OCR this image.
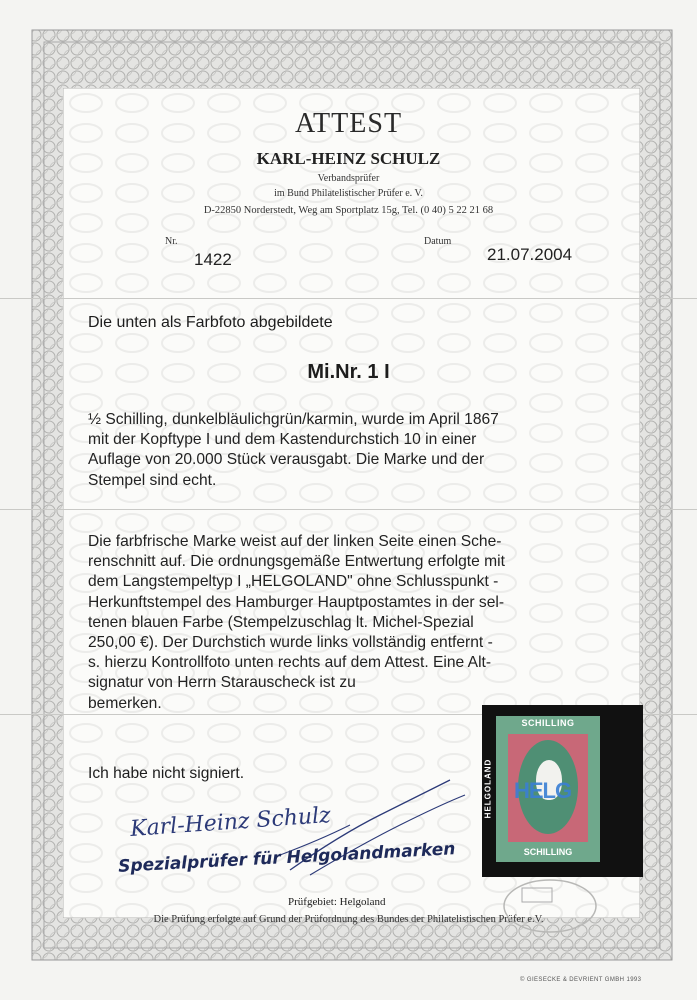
ATTEST
KARL-HEINZ SCHULZ
Verbandsprüfer
im Bund Philatelistischer Prüfer e. V.
D-22850 Norderstedt, Weg am Sportplatz 15g, Tel. (0 40) 5 22 21 68
Nr.
1422
Datum
21.07.2004
Die unten als Farbfoto abgebildete
Mi.Nr. 1 I
½ Schilling, dunkelbläulichgrün/karmin, wurde im April 1867
mit der Kopftype I und dem Kastendurchstich 10 in einer
Auflage von 20.000 Stück verausgabt. Die Marke und der
Stempel sind echt.
Die farbfrische Marke weist auf der linken Seite einen Sche-
renschnitt auf. Die ordnungsgemäße Entwertung erfolgte mit
dem Langstempeltyp I „HELGOLAND" ohne Schlusspunkt -
Herkunftstempel des Hamburger Hauptpostamtes in der sel-
tenen blauen Farbe (Stempelzuschlag lt. Michel-Spezial
250,00 €). Der Durchstich wurde links vollständig entfernt -
s. hierzu Kontrollfoto unten rechts auf dem Attest. Eine Alt-
signatur von Herrn Starauscheck ist zu
bemerken.
Ich habe nicht signiert.
SCHILLING
HELGOLAND HELG
SCHILLING
Karl-Heinz Schulz
Spezialprüfer für Helgolandmarken
Prüfgebiet: Helgoland
Die Prüfung erfolgte auf Grund der Prüfordnung des Bundes der Philatelistischen Prüfer e.V.
© GIESECKE & DEVRIENT GMBH 1993
